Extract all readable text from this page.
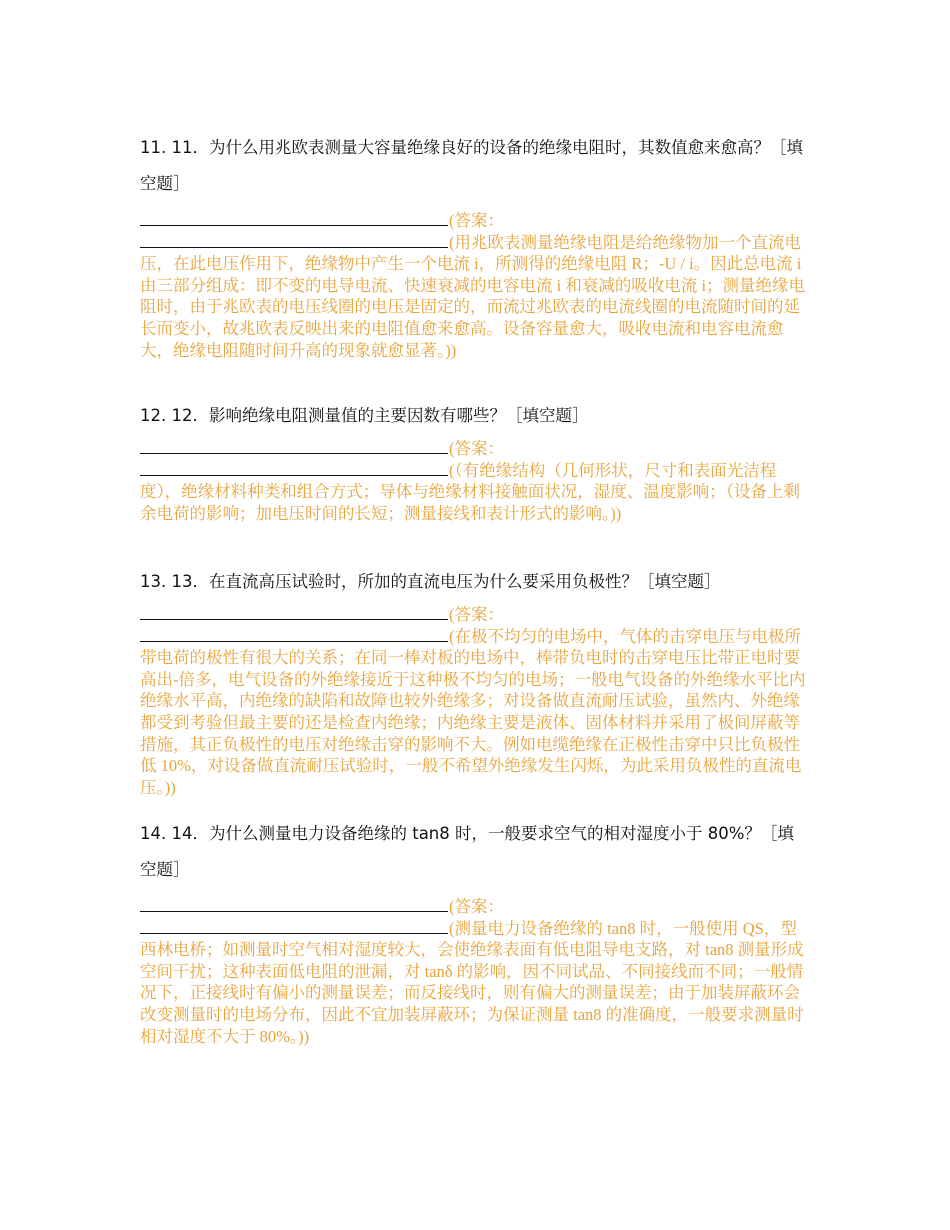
11. 11．为什么用兆欧表测量大容量绝缘良好的设备的绝缘电阻时，其数值愈来愈高？［填空题］
(答案：
(用兆欧表测量绝缘电阻是给绝缘物加一个直流电压，在此电压作用下，绝缘物中产生一个电流 i，所测得的绝缘电阻 R；-U / i。因此总电流 i 由三部分组成：即不变的电导电流、快速衰减的电容电流 i 和衰减的吸收电流 i；测量绝缘电阻时，由于兆欧表的电压线圈的电压是固定的，而流过兆欧表的电流线圈的电流随时间的延长而变小，故兆欧表反映出来的电阻值愈来愈高。设备容量愈大，吸收电流和电容电流愈大，绝缘电阻随时间升高的现象就愈显著。))
12. 12．影响绝缘电阻测量值的主要因数有哪些？［填空题］
(答案：
(（有绝缘结构（几何形状，尺寸和表面光洁程度），绝缘材料种类和组合方式；导体与绝缘材料接触面状况，湿度、温度影响；（设备上剩余电荷的影响；加电压时间的长短；测量接线和表计形式的影响。))
13. 13．在直流高压试验时，所加的直流电压为什么要采用负极性？［填空题］
(答案：
(在极不均匀的电场中，气体的击穿电压与电极所带电荷的极性有很大的关系；在同一棒对板的电场中，棒带负电时的击穿电压比带正电时要高出-倍多，电气设备的外绝缘接近于这种极不均匀的电场；一般电气设备的外绝缘水平比内绝缘水平高，内绝缘的缺陷和故障也较外绝缘多；对设备做直流耐压试验，虽然内、外绝缘都受到考验但最主要的还是检查内绝缘；内绝缘主要是液体、固体材料并采用了极间屏蔽等措施，其正负极性的电压对绝缘击穿的影响不大。例如电缆绝缘在正极性击穿中只比负极性低 10%，对设备做直流耐压试验时，一般不希望外绝缘发生闪烁，为此采用负极性的直流电压。))
14. 14．为什么测量电力设备绝缘的 tan8 时，一般要求空气的相对湿度小于 80%？［填空题］
(答案：
(测量电力设备绝缘的 tan8 时，一般使用 QS，型西林电桥；如测量时空气相对湿度较大，会使绝缘表面有低电阻导电支路，对 tan8 测量形成空间干扰；这种表面低电阻的泄漏，对 tanδ 的影响，因不同试品、不同接线而不同；一般情况下，正接线时有偏小的测量误差；而反接线时，则有偏大的测量误差；由于加装屏蔽环会改变测量时的电场分布，因此不宜加装屏蔽环；为保证测量 tan8 的准确度，一般要求测量时相对湿度不大于 80%。))
